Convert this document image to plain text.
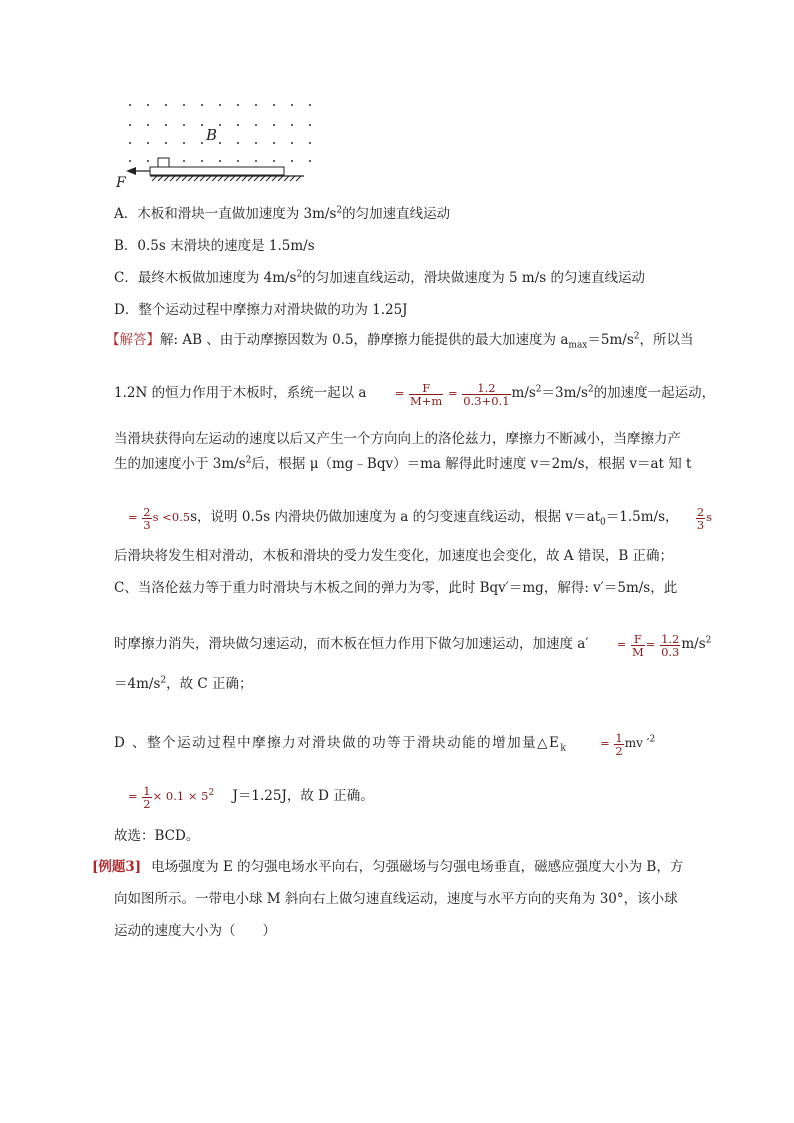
B
F
A．木板和滑块一直做加速度为 $3m/s^2$的匀加速直线运动
B．0.5s 末滑块的速度是 1.5m/s
C．最终木板做加速度为 $4m/s^2$的匀加速直线运动，滑块做速度为 5 m/s 的匀速直线运动
D．整个运动过程中摩擦力对滑块做的功为 1.25J
【解答】解: AB 、由于动摩擦因数为 0.5，静摩擦力能提供的最大加速度为 $a_{max}=5m/s^2$，所以当
1.2N 的恒力作用于木板时，系统一起以 $a = \frac{F}{M+m} = \frac{1.2}{0.3+0.1} m/s^2=3m/s^2$的加速度一起运动，
当滑块获得向左运动的速度以后又产生一个方向向上的洛伦兹力，摩擦力不断减小，当摩擦力产
生的加速度小于 $3m/s^2$后，根据 μ（mg﹣Bqv）＝ma 解得此时速度 v＝2m/s，根据 v＝at 知 t
= $\frac{2}{3}$ s <0.5s，说明 0.5s 内滑块仍做加速度为 a 的匀变速直线运动，根据 $v=at_0=1.5m/s$， $\frac{2}{3}$ s
后滑块将发生相对滑动，木板和滑块的受力发生变化，加速度也会变化，故 A 错误，B 正确；
C、当洛伦兹力等于重力时滑块与木板之间的弹力为零，此时 Bqv′＝mg，解得: v′＝5m/s，此
时摩擦力消失，滑块做匀速运动，而木板在恒力作用下做匀加速运动，加速度 $a' = \frac{F}{M} = \frac{1.2}{0.3} m/s^2$
$=4m/s^2$，故 C 正确；
D 、整个运动过程中摩擦力对滑块做的功等于滑块动能的增加量$\triangle E_k$	= $\frac{1}{2}$ mv $'^2$
= $\frac{1}{2} \times 0.1 \times 5^2$ J＝1.25J，故 D 正确。
故选：BCD。
[例题3] 电场强度为 E 的匀强电场水平向右，匀强磁场与匀强电场垂直，磁感应强度大小为 B，方
向如图所示。一带电小球 M 斜向右上做匀速直线运动，速度与水平方向的夹角为 30°，该小球
运动的速度大小为（　　）
